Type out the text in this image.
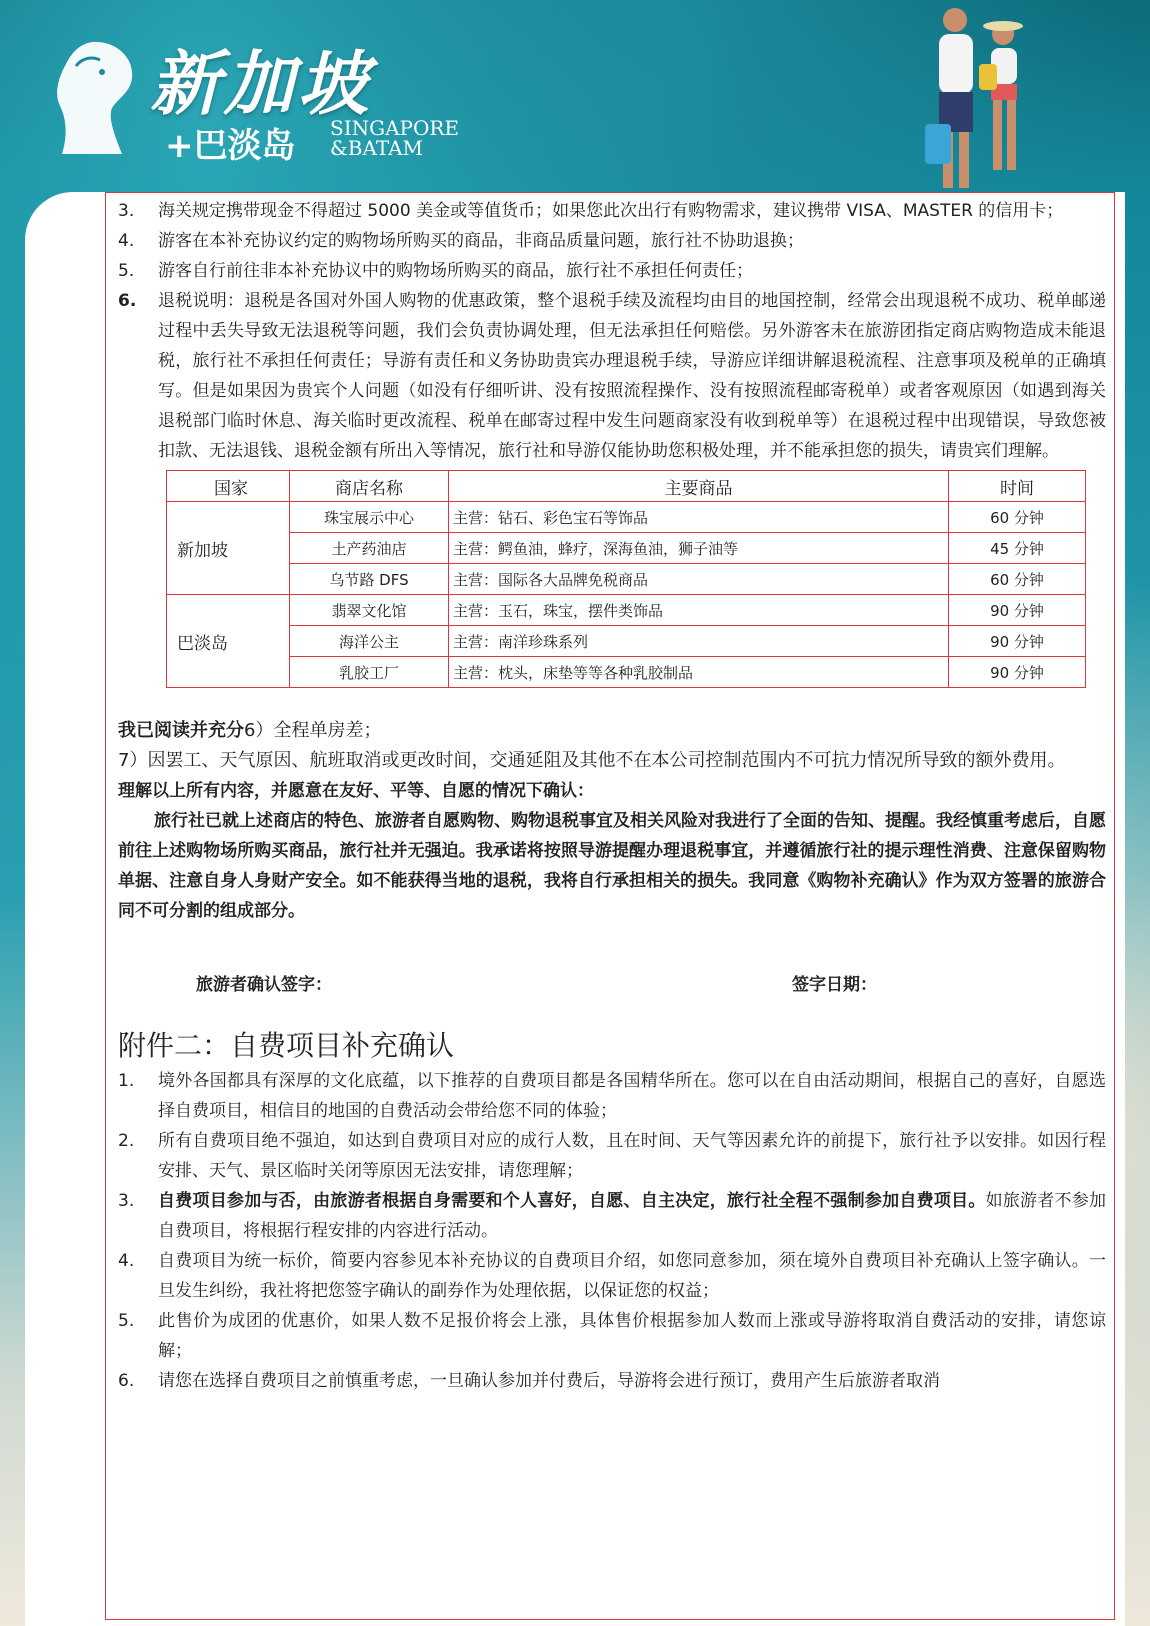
新加坡
+巴淡岛 SINGAPORE
&BATAM
3.	海关规定携带现金不得超过 5000 美金或等值货币；如果您此次出行有购物需求，建议携带 VISA、MASTER 的信用卡；
4.	游客在本补充协议约定的购物场所购买的商品，非商品质量问题，旅行社不协助退换；
5.	游客自行前往非本补充协议中的购物场所购买的商品，旅行社不承担任何责任；
6.	退税说明：退税是各国对外国人购物的优惠政策，整个退税手续及流程均由目的地国控制，经常会出现退税不成功、税单邮递过程中丢失导致无法退税等问题，我们会负责协调处理，但无法承担任何赔偿。另外游客未在旅游团指定商店购物造成未能退税，旅行社不承担任何责任；导游有责任和义务协助贵宾办理退税手续，导游应详细讲解退税流程、注意事项及税单的正确填写。但是如果因为贵宾个人问题（如没有仔细听讲、没有按照流程操作、没有按照流程邮寄税单）或者客观原因（如遇到海关退税部门临时休息、海关临时更改流程、税单在邮寄过程中发生问题商家没有收到税单等）在退税过程中出现错误，导致您被扣款、无法退钱、退税金额有所出入等情况，旅行社和导游仅能协助您积极处理，并不能承担您的损失，请贵宾们理解。
国家	商店名称	主要商品	时间
新加坡	珠宝展示中心	主营：钻石、彩色宝石等饰品	60 分钟
	土产药油店	主营：鳄鱼油，蜂疗，深海鱼油，狮子油等	45 分钟
	乌节路 DFS	主营：国际各大品牌免税商品	60 分钟
巴淡岛	翡翠文化馆	主营：玉石，珠宝，摆件类饰品	90 分钟
	海洋公主	主营：南洋珍珠系列	90 分钟
	乳胶工厂	主营：枕头，床垫等等各种乳胶制品	90 分钟
我已阅读并充分6）全程单房差；
7）因罢工、天气原因、航班取消或更改时间，交通延阻及其他不在本公司控制范围内不可抗力情况所导致的额外费用。
理解以上所有内容，并愿意在友好、平等、自愿的情况下确认：
旅行社已就上述商店的特色、旅游者自愿购物、购物退税事宜及相关风险对我进行了全面的告知、提醒。我经慎重考虑后，自愿前往上述购物场所购买商品，旅行社并无强迫。我承诺将按照导游提醒办理退税事宜，并遵循旅行社的提示理性消费、注意保留购物单据、注意自身人身财产安全。如不能获得当地的退税，我将自行承担相关的损失。我同意《购物补充确认》作为双方签署的旅游合同不可分割的组成部分。
旅游者确认签字：	签字日期：
附件二：自费项目补充确认
1.	境外各国都具有深厚的文化底蕴，以下推荐的自费项目都是各国精华所在。您可以在自由活动期间，根据自己的喜好，自愿选择自费项目，相信目的地国的自费活动会带给您不同的体验；
2.	所有自费项目绝不强迫，如达到自费项目对应的成行人数，且在时间、天气等因素允许的前提下，旅行社予以安排。如因行程安排、天气、景区临时关闭等原因无法安排，请您理解；
3.	自费项目参加与否，由旅游者根据自身需要和个人喜好，自愿、自主决定，旅行社全程不强制参加自费项目。如旅游者不参加自费项目，将根据行程安排的内容进行活动。
4.	自费项目为统一标价，简要内容参见本补充协议的自费项目介绍，如您同意参加，须在境外自费项目补充确认上签字确认。一旦发生纠纷，我社将把您签字确认的副券作为处理依据，以保证您的权益；
5.	此售价为成团的优惠价，如果人数不足报价将会上涨，具体售价根据参加人数而上涨或导游将取消自费活动的安排，请您谅解；
6.	请您在选择自费项目之前慎重考虑，一旦确认参加并付费后，导游将会进行预订，费用产生后旅游者取消
